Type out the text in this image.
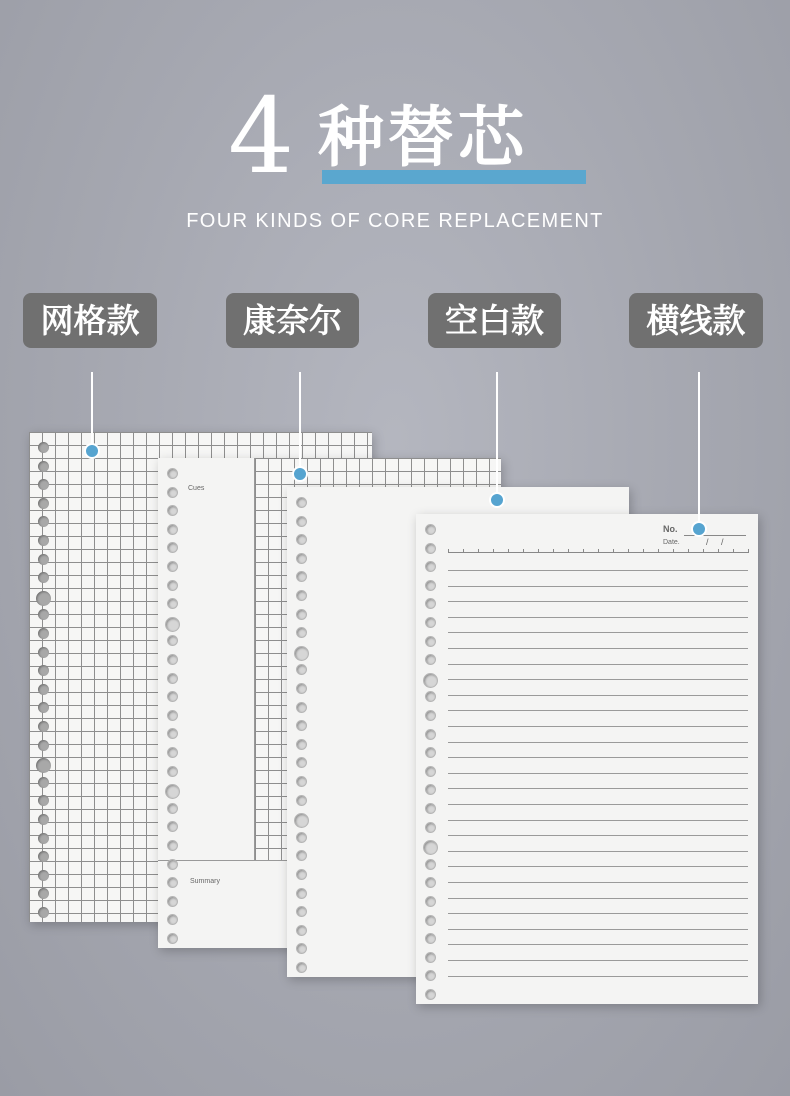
4 种替芯
FOUR KINDS OF CORE REPLACEMENT
网格款	康奈尔	空白款	横线款
Cues
Summary
No.
Date.	/     /
